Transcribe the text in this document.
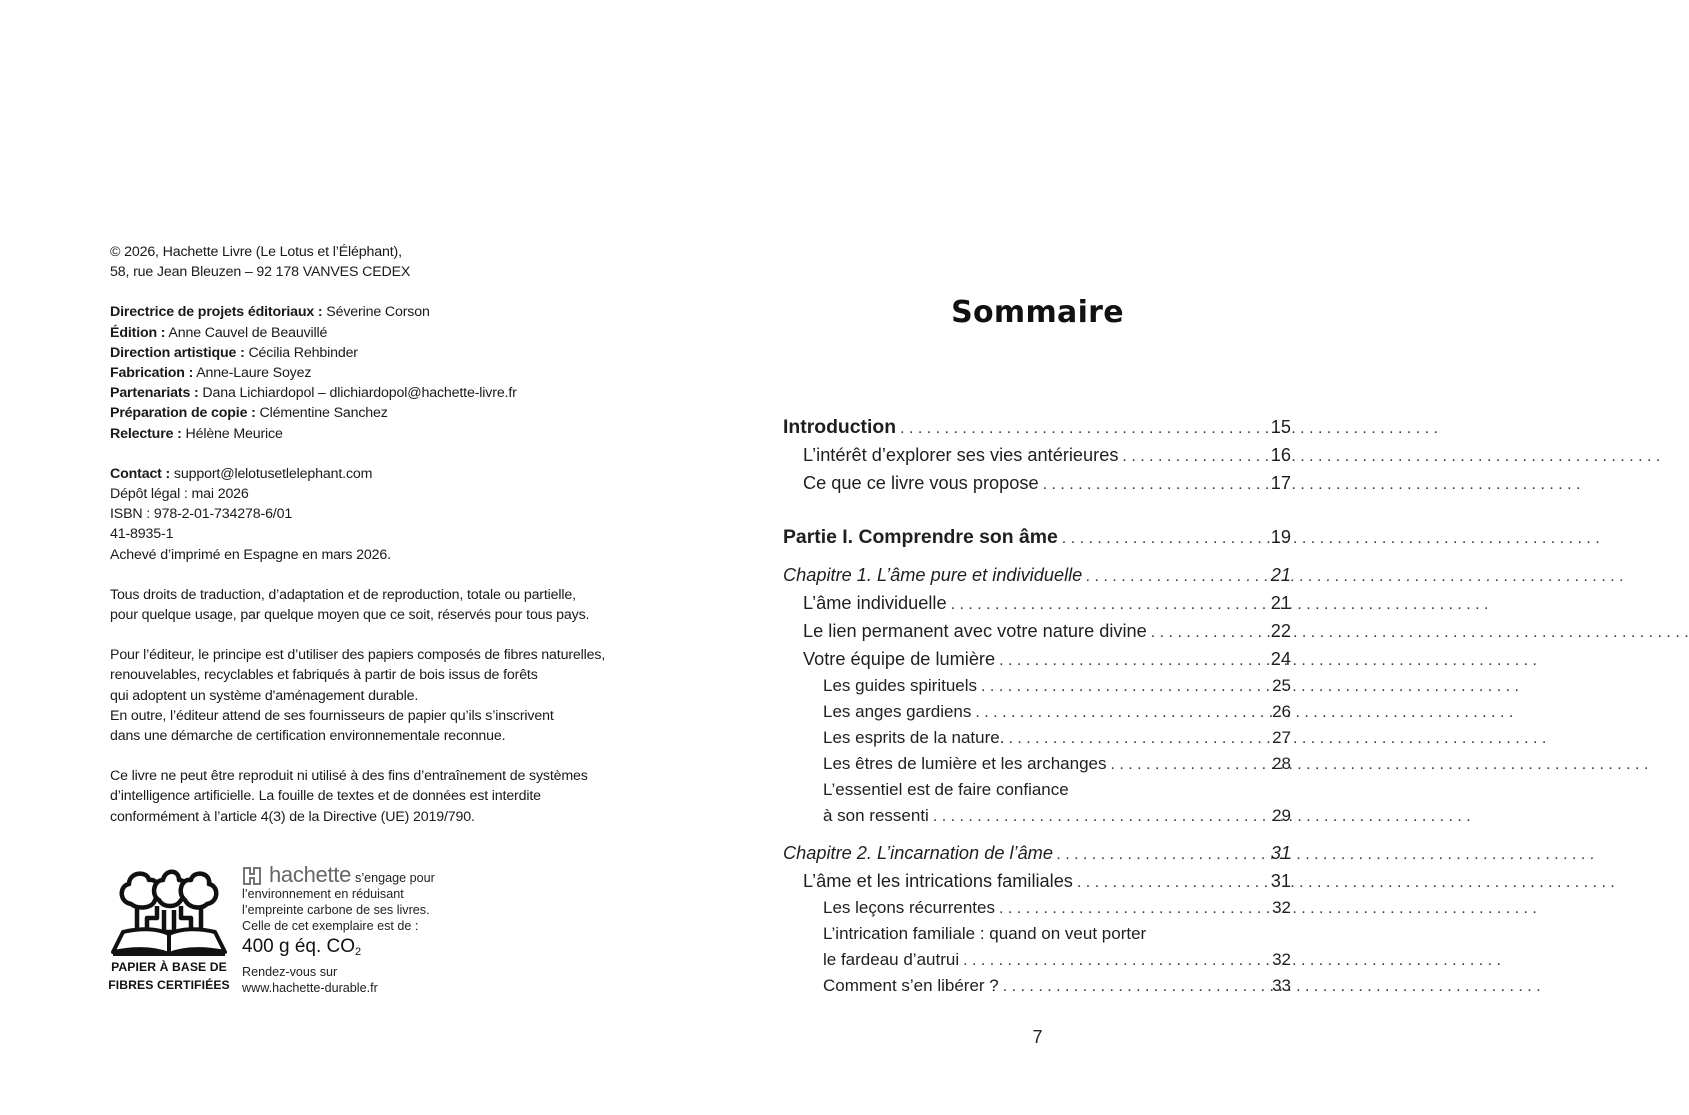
© 2026, Hachette Livre (Le Lotus et l’Éléphant),
58, rue Jean Bleuzen – 92 178 VANVES CEDEX
Directrice de projets éditoriaux : Séverine Corson
Édition : Anne Cauvel de Beauvillé
Direction artistique : Cécilia Rehbinder
Fabrication : Anne-Laure Soyez
Partenariats : Dana Lichiardopol – dlichiardopol@hachette-livre.fr
Préparation de copie : Clémentine Sanchez
Relecture : Hélène Meurice
Contact : support@lelotusetlelephant.com
Dépôt légal : mai 2026
ISBN : 978-2-01-734278-6/01
41-8935-1
Achevé d’imprimé en Espagne en mars 2026.
Tous droits de traduction, d’adaptation et de reproduction, totale ou partielle,
pour quelque usage, par quelque moyen que ce soit, réservés pour tous pays.
Pour l’éditeur, le principe est d’utiliser des papiers composés de fibres naturelles,
renouvelables, recyclables et fabriqués à partir de bois issus de forêts
qui adoptent un système d'aménagement durable.
En outre, l’éditeur attend de ses fournisseurs de papier qu’ils s’inscrivent
dans une démarche de certification environnementale reconnue.
Ce livre ne peut être reproduit ni utilisé à des fins d’entraînement de systèmes
d’intelligence artificielle. La fouille de textes et de données est interdite
conformément à l’article 4(3) de la Directive (UE) 2019/790.
PAPIER À BASE DE
FIBRES CERTIFIÉES
hachette s’engage pour
l’environnement en réduisant
l’empreinte carbone de ses livres.
Celle de cet exemplaire est de :
400 g éq. $CO_2$
Rendez-vous sur
www.hachette-durable.fr
Sommaire
Introduction . . .	15
L’intérêt d’explorer ses vies antérieures . . .	16
Ce que ce livre vous propose . . .	17
Partie I. Comprendre son âme . . .	19
Chapitre 1. L’âme pure et individuelle . . .	21
L’âme individuelle . . .	21
Le lien permanent avec votre nature divine . . .	22
Votre équipe de lumière . . .	24
Les guides spirituels . . .	25
Les anges gardiens . . .	26
Les esprits de la nature. . . .	27
Les êtres de lumière et les archanges . . .	28
L’essentiel est de faire confiance
à son ressenti . . .	29
Chapitre 2. L’incarnation de l’âme . . .	31
L’âme et les intrications familiales . . .	31
Les leçons récurrentes . . .	32
L’intrication familiale : quand on veut porter
le fardeau d’autrui . . .	32
Comment s’en libérer ? . . .	33
7
